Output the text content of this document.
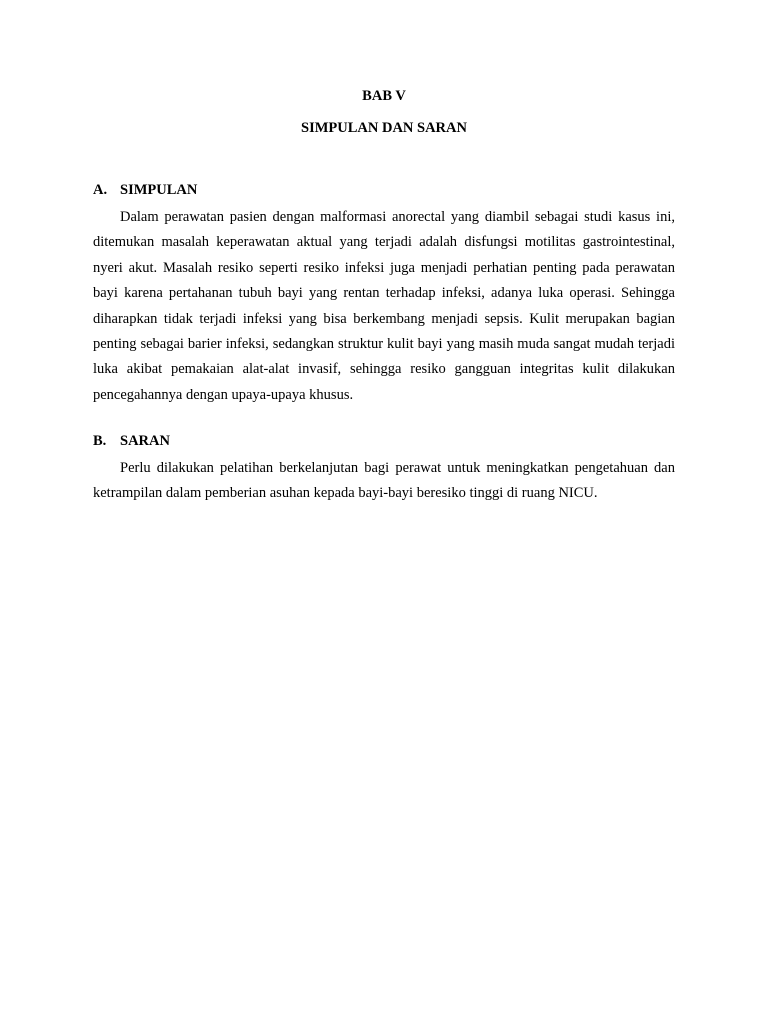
BAB V
SIMPULAN DAN SARAN
A. SIMPULAN

Dalam perawatan pasien dengan malformasi anorectal yang diambil sebagai studi kasus ini, ditemukan masalah keperawatan aktual yang terjadi adalah disfungsi motilitas gastrointestinal, nyeri akut. Masalah resiko seperti resiko infeksi juga menjadi perhatian penting pada perawatan bayi karena pertahanan tubuh bayi yang rentan terhadap infeksi, adanya luka operasi. Sehingga diharapkan tidak terjadi infeksi yang bisa berkembang menjadi sepsis. Kulit merupakan bagian penting sebagai barier infeksi, sedangkan struktur kulit bayi yang masih muda sangat mudah terjadi luka akibat pemakaian alat-alat invasif, sehingga resiko gangguan integritas kulit dilakukan pencegahannya dengan upaya-upaya khusus.

B. SARAN

Perlu dilakukan pelatihan berkelanjutan bagi perawat untuk meningkatkan pengetahuan dan ketrampilan dalam pemberian asuhan kepada bayi-bayi beresiko tinggi di ruang NICU.
